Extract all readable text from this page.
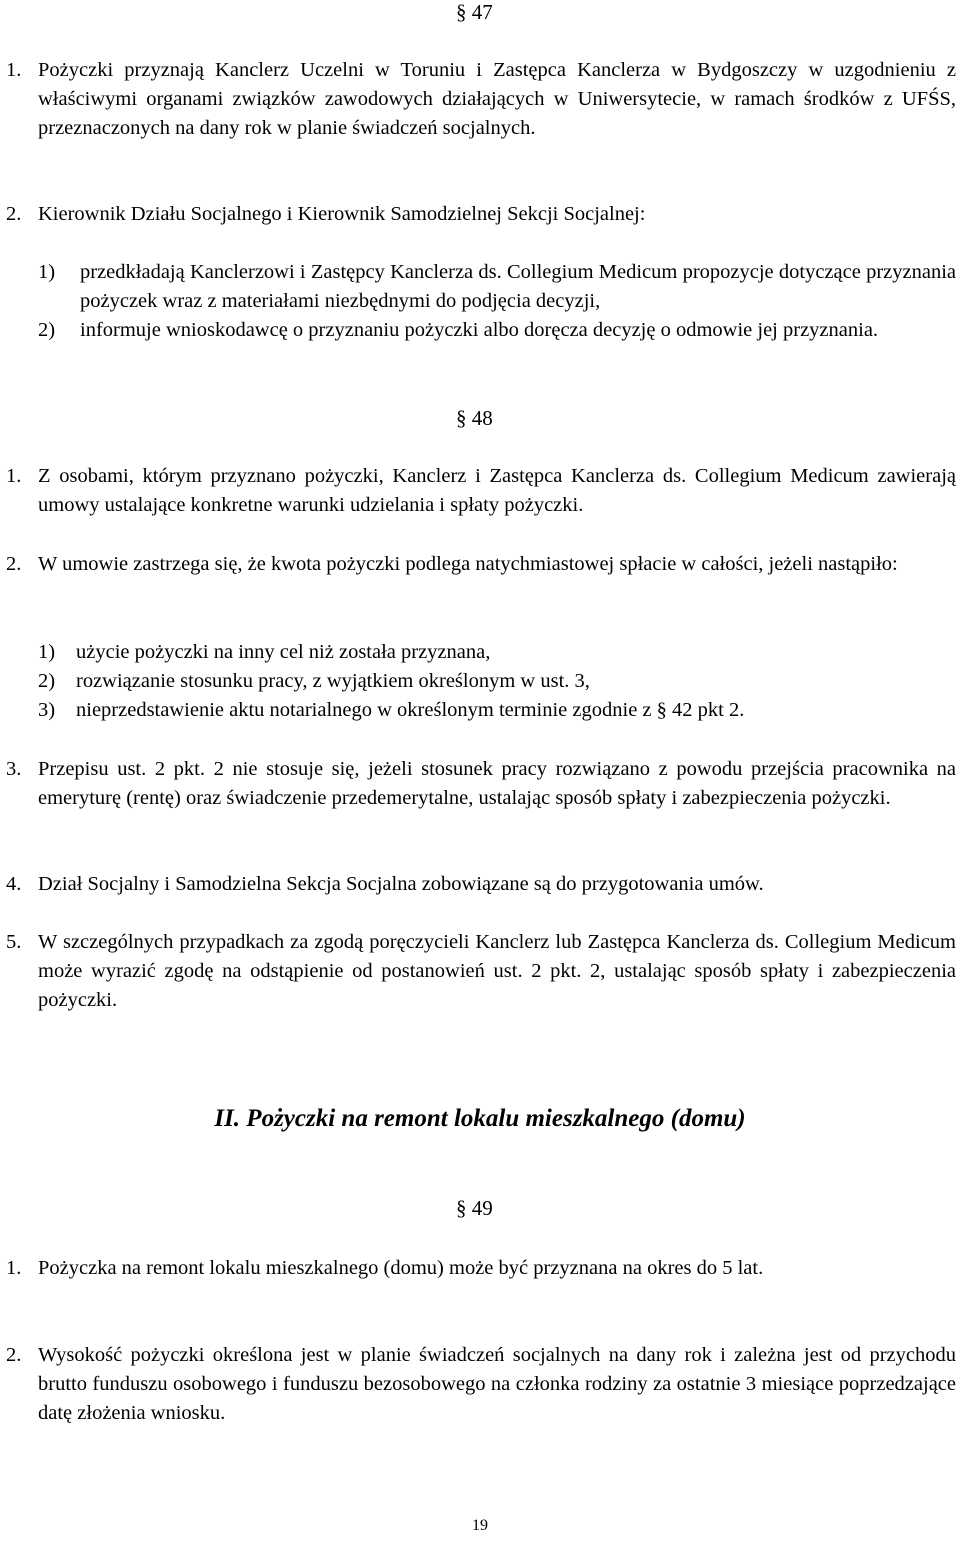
§ 47
1. Pożyczki przyznają Kanclerz Uczelni w Toruniu i Zastępca Kanclerza w Bydgoszczy w uzgodnieniu z właściwymi organami związków zawodowych działających w Uniwersytecie, w ramach środków z UFŚS, przeznaczonych na dany rok w planie świadczeń socjalnych.
2. Kierownik Działu Socjalnego i Kierownik Samodzielnej Sekcji Socjalnej:
1)	przedkładają Kanclerzowi i Zastępcy Kanclerza ds. Collegium Medicum propozycje dotyczące przyznania pożyczek wraz z materiałami niezbędnymi do podjęcia decyzji,
2)	informuje wnioskodawcę o przyznaniu pożyczki albo doręcza decyzję o odmowie jej przyznania.
§ 48
1. Z osobami, którym przyznano pożyczki, Kanclerz i Zastępca Kanclerza ds. Collegium Medicum zawierają umowy ustalające konkretne warunki udzielania i spłaty pożyczki.
2. W umowie zastrzega się, że kwota pożyczki podlega natychmiastowej spłacie w całości, jeżeli nastąpiło:
1)	użycie pożyczki na inny cel niż została przyznana,
2)	rozwiązanie stosunku pracy, z wyjątkiem określonym w ust. 3,
3)	nieprzedstawienie aktu notarialnego w określonym terminie zgodnie z § 42 pkt 2.
3. Przepisu ust. 2 pkt. 2 nie stosuje się, jeżeli stosunek pracy rozwiązano z powodu przejścia pracownika na emeryturę (rentę) oraz świadczenie przedemerytalne, ustalając sposób spłaty i zabezpieczenia pożyczki.
4. Dział Socjalny i Samodzielna Sekcja Socjalna zobowiązane są do przygotowania umów.
5. W szczególnych przypadkach za zgodą poręczycieli Kanclerz lub Zastępca Kanclerza ds. Collegium Medicum może wyrazić zgodę na odstąpienie od postanowień ust. 2 pkt. 2, ustalając sposób spłaty i zabezpieczenia pożyczki.
II. Pożyczki na remont lokalu mieszkalnego (domu)
§ 49
1. Pożyczka na remont lokalu mieszkalnego (domu) może być przyznana na okres do 5 lat.
2. Wysokość pożyczki określona jest w planie świadczeń socjalnych na dany rok i zależna jest od przychodu brutto funduszu osobowego i funduszu bezosobowego na członka rodziny za ostatnie 3 miesiące poprzedzające datę złożenia wniosku.
19
